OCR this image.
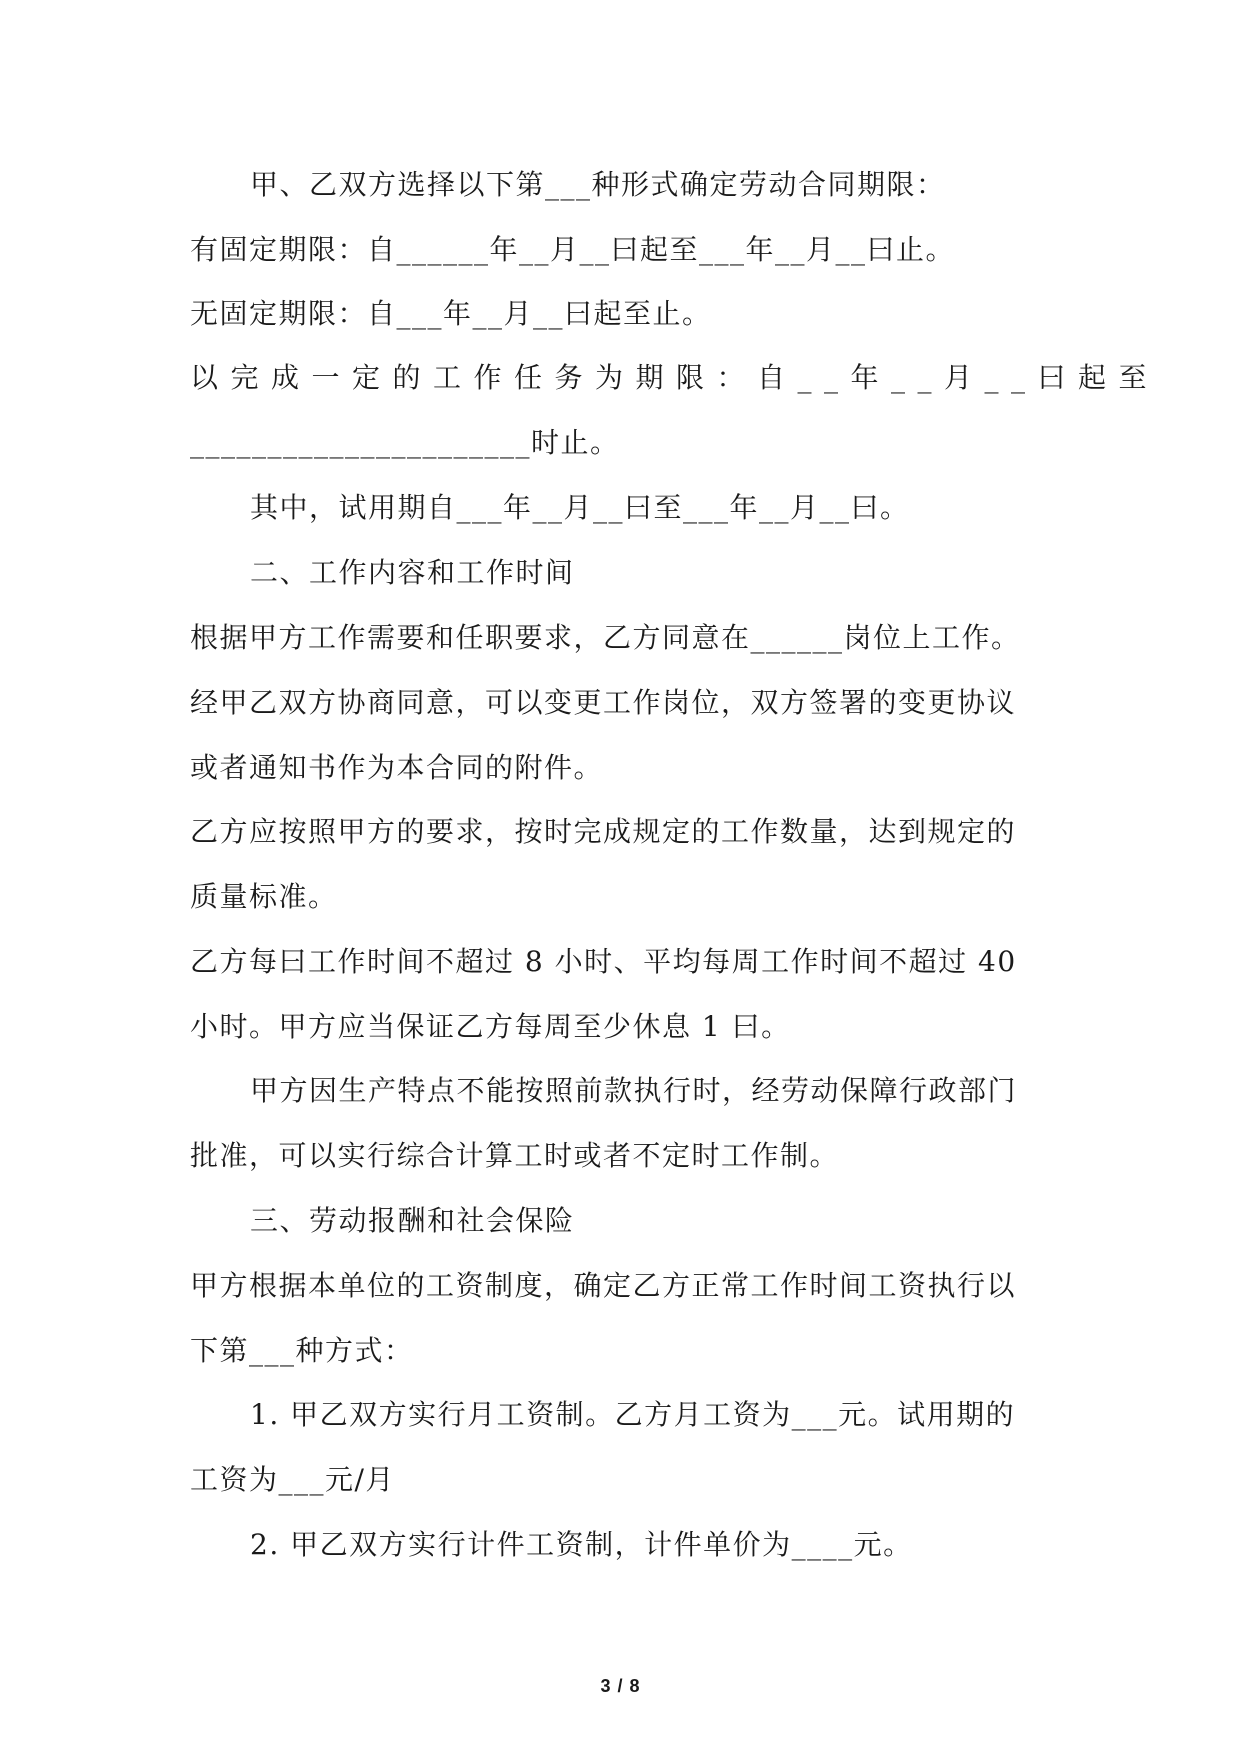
甲、乙双方选择以下第___种形式确定劳动合同期限：
有固定期限：自______年__月__曰起至___年__月__曰止。
无固定期限：自___年__月__曰起至止。
以完成一定的工作任务为期限：自__年__月__曰起至
______________________时止。
其中，试用期自___年__月__曰至___年__月__曰。
二、工作内容和工作时间
根据甲方工作需要和任职要求，乙方同意在______岗位上工作。
经甲乙双方协商同意，可以变更工作岗位，双方签署的变更协议
或者通知书作为本合同的附件。
乙方应按照甲方的要求，按时完成规定的工作数量，达到规定的
质量标准。
乙方每曰工作时间不超过 8 小时、平均每周工作时间不超过 40
小时。甲方应当保证乙方每周至少休息 1 曰。
甲方因生产特点不能按照前款执行时，经劳动保障行政部门
批准，可以实行综合计算工时或者不定时工作制。
三、劳动报酬和社会保险
甲方根据本单位的工资制度，确定乙方正常工作时间工资执行以
下第___种方式：
1. 甲乙双方实行月工资制。乙方月工资为___元。试用期的
工资为___元/月
2. 甲乙双方实行计件工资制，计件单价为____元。
3 / 8
